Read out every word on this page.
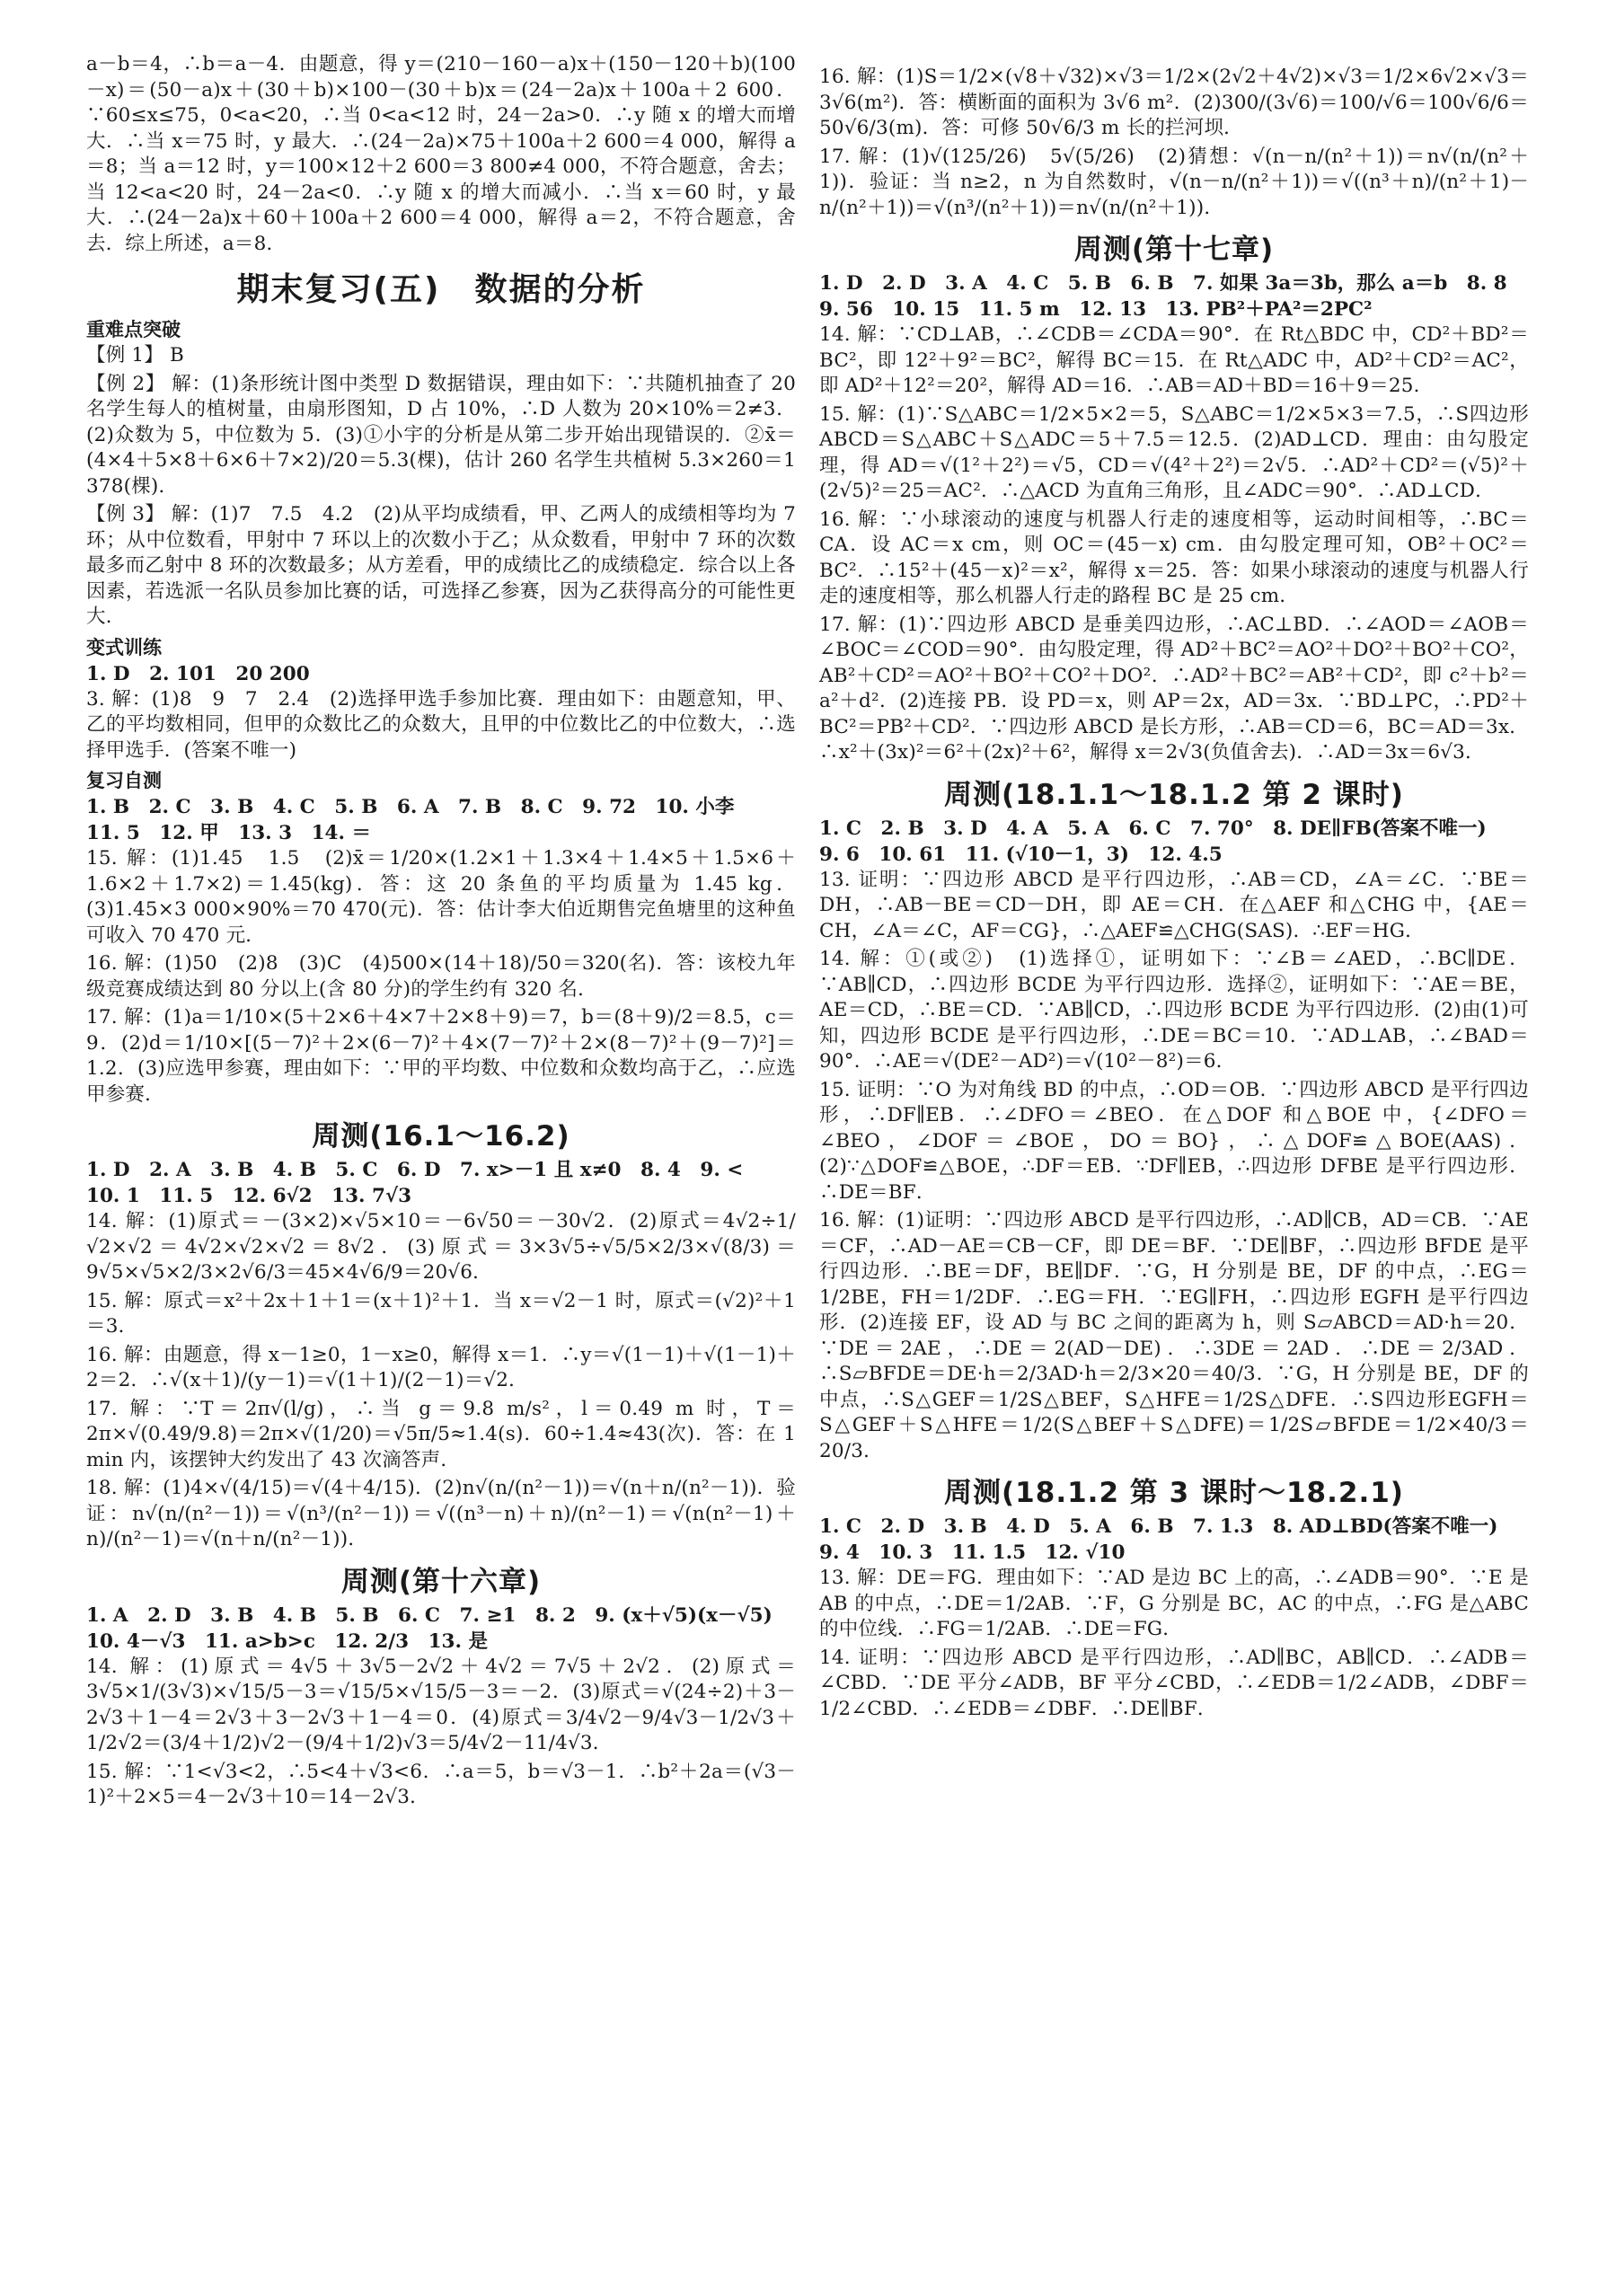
a－b＝4，∴b＝a－4．由题意，得 y＝(210－160－a)x＋(150－120＋b)(100－x)＝(50－a)x＋(30＋b)×100－(30＋b)x＝(24－2a)x＋100a＋2 600．∵60≤x≤75，0<a<20，∴当 0<a<12 时，24－2a>0．∴y 随 x 的增大而增大．∴当 x＝75 时，y 最大．∴(24－2a)×75＋100a＋2 600＝4 000，解得 a＝8；当 a＝12 时，y＝100×12＋2 600＝3 800≠4 000，不符合题意，舍去；当 12<a<20 时，24－2a<0．∴y 随 x 的增大而减小．∴当 x＝60 时，y 最大．∴(24－2a)x＋60＋100a＋2 600＝4 000，解得 a＝2，不符合题意，舍去．综上所述，a＝8．

期末复习(五)　数据的分析
重难点突破

【例 1】 B

【例 2】 解：(1)条形统计图中类型 D 数据错误，理由如下：∵共随机抽查了 20 名学生每人的植树量，由扇形图知，D 占 10%，∴D 人数为 20×10%＝2≠3．(2)众数为 5，中位数为 5．(3)①小宇的分析是从第二步开始出现错误的．②x̄＝(4×4＋5×8＋6×6＋7×2)/20＝5.3(棵)，估计 260 名学生共植树 5.3×260＝1 378(棵)．

【例 3】 解：(1)7　7.5　4.2　(2)从平均成绩看，甲、乙两人的成绩相等均为 7 环；从中位数看，甲射中 7 环以上的次数小于乙；从众数看，甲射中 7 环的次数最多而乙射中 8 环的次数最多；从方差看，甲的成绩比乙的成绩稳定．综合以上各因素，若选派一名队员参加比赛的话，可选择乙参赛，因为乙获得高分的可能性更大．

变式训练

1. D　2. 101　20 200

3. 解：(1)8　9　7　2.4　(2)选择甲选手参加比赛．理由如下：由题意知，甲、乙的平均数相同，但甲的众数比乙的众数大，且甲的中位数比乙的中位数大，∴选择甲选手．(答案不唯一)

复习自测

1. B　2. C　3. B　4. C　5. B　6. A　7. B　8. C　9. 72　10. 小李

11. 5　12. 甲　13. 3　14. ＝

15. 解：(1)1.45　1.5　(2)x̄＝1/20×(1.2×1＋1.3×4＋1.4×5＋1.5×6＋1.6×2＋1.7×2)＝1.45(kg)．答：这 20 条鱼的平均质量为 1.45 kg．(3)1.45×3 000×90%＝70 470(元)．答：估计李大伯近期售完鱼塘里的这种鱼可收入 70 470 元．

16. 解：(1)50　(2)8　(3)C　(4)500×(14＋18)/50＝320(名)．答：该校九年级竞赛成绩达到 80 分以上(含 80 分)的学生约有 320 名．

17. 解：(1)a＝1/10×(5＋2×6＋4×7＋2×8＋9)＝7，b＝(8＋9)/2＝8.5，c＝9．(2)d＝1/10×[(5－7)²＋2×(6－7)²＋4×(7－7)²＋2×(8－7)²＋(9－7)²]＝1.2．(3)应选甲参赛，理由如下：∵甲的平均数、中位数和众数均高于乙，∴应选甲参赛．

周测(16.1～16.2)

1. D　2. A　3. B　4. B　5. C　6. D　7. x>－1 且 x≠0　8. 4　9. <

10. 1　11. 5　12. 6√2　13. 7√3

14. 解：(1)原式＝－(3×2)×√5×10＝－6√50＝－30√2．(2)原式＝4√2÷1/√2×√2＝4√2×√2×√2＝8√2．(3)原式＝3×3√5÷√5/5×2/3×√(8/3)＝9√5×√5×2/3×2√6/3＝45×4√6/9＝20√6．

15. 解：原式＝x²＋2x＋1＋1＝(x＋1)²＋1．当 x＝√2－1 时，原式＝(√2)²＋1＝3．

16. 解：由题意，得 x－1≥0，1－x≥0，解得 x＝1．∴y＝√(1－1)＋√(1－1)＋2＝2．∴√(x＋1)/(y－1)＝√(1＋1)/(2－1)＝√2．

17. 解：∵T＝2π√(l/g)，∴当 g＝9.8 m/s²，l＝0.49 m 时，T＝2π×√(0.49/9.8)＝2π×√(1/20)＝√5π/5≈1.4(s)．60÷1.4≈43(次)．答：在 1 min 内，该摆钟大约发出了 43 次滴答声．

18. 解：(1)4×√(4/15)＝√(4＋4/15)．(2)n√(n/(n²－1))＝√(n＋n/(n²－1))．验证：n√(n/(n²－1))＝√(n³/(n²－1))＝√((n³－n)＋n)/(n²－1)＝√(n(n²－1)＋n)/(n²－1)＝√(n＋n/(n²－1))．

周测(第十六章)

1. A　2. D　3. B　4. B　5. B　6. C　7. ≥1　8. 2　9. (x＋√5)(x－√5)

10. 4－√3　11. a>b>c　12. 2/3　13. 是

14. 解：(1)原式＝4√5＋3√5－2√2＋4√2＝7√5＋2√2．(2)原式＝3√5×1/(3√3)×√15/5－3＝√15/5×√15/5－3＝－2．(3)原式＝√(24÷2)＋3－2√3＋1－4＝2√3＋3－2√3＋1－4＝0．(4)原式＝3/4√2－9/4√3－1/2√3＋1/2√2＝(3/4＋1/2)√2－(9/4＋1/2)√3＝5/4√2－11/4√3．

15. 解：∵1<√3<2，∴5<4＋√3<6．∴a＝5，b＝√3－1．∴b²＋2a＝(√3－1)²＋2×5＝4－2√3＋10＝14－2√3．

16. 解：(1)S＝1/2×(√8＋√32)×√3＝1/2×(2√2＋4√2)×√3＝1/2×6√2×√3＝3√6(m²)．答：横断面的面积为 3√6 m²．(2)300/(3√6)＝100/√6＝100√6/6＝50√6/3(m)．答：可修 50√6/3 m 长的拦河坝．

17. 解：(1)√(125/26)　5√(5/26)　(2)猜想：√(n－n/(n²＋1))＝n√(n/(n²＋1))．验证：当 n≥2，n 为自然数时，√(n－n/(n²＋1))＝√((n³＋n)/(n²＋1)－n/(n²＋1))＝√(n³/(n²＋1))＝n√(n/(n²＋1))．

周测(第十七章)

1. D　2. D　3. A　4. C　5. B　6. B　7. 如果 3a＝3b，那么 a＝b　8. 8

9. 56　10. 15　11. 5 m　12. 13　13. PB²＋PA²＝2PC²

14. 解：∵CD⊥AB，∴∠CDB＝∠CDA＝90°．在 Rt△BDC 中，CD²＋BD²＝BC²，即 12²＋9²＝BC²，解得 BC＝15．在 Rt△ADC 中，AD²＋CD²＝AC²，即 AD²＋12²＝20²，解得 AD＝16．∴AB＝AD＋BD＝16＋9＝25．

15. 解：(1)∵S△ABC＝1/2×5×2＝5，S△ABC＝1/2×5×3＝7.5，∴S四边形ABCD＝S△ABC＋S△ADC＝5＋7.5＝12.5．(2)AD⊥CD．理由：由勾股定理，得 AD＝√(1²＋2²)＝√5，CD＝√(4²＋2²)＝2√5．∴AD²＋CD²＝(√5)²＋(2√5)²＝25＝AC²．∴△ACD 为直角三角形，且∠ADC＝90°．∴AD⊥CD．

16. 解：∵小球滚动的速度与机器人行走的速度相等，运动时间相等，∴BC＝CA．设 AC＝x cm，则 OC＝(45－x) cm．由勾股定理可知，OB²＋OC²＝BC²．∴15²＋(45－x)²＝x²，解得 x＝25．答：如果小球滚动的速度与机器人行走的速度相等，那么机器人行走的路程 BC 是 25 cm．

17. 解：(1)∵四边形 ABCD 是垂美四边形，∴AC⊥BD．∴∠AOD＝∠AOB＝∠BOC＝∠COD＝90°．由勾股定理，得 AD²＋BC²＝AO²＋DO²＋BO²＋CO²，AB²＋CD²＝AO²＋BO²＋CO²＋DO²．∴AD²＋BC²＝AB²＋CD²，即 c²＋b²＝a²＋d²．(2)连接 PB．设 PD＝x，则 AP＝2x，AD＝3x．∵BD⊥PC，∴PD²＋BC²＝PB²＋CD²．∵四边形 ABCD 是长方形，∴AB＝CD＝6，BC＝AD＝3x．∴x²＋(3x)²＝6²＋(2x)²＋6²，解得 x＝2√3(负值舍去)．∴AD＝3x＝6√3．

周测(18.1.1～18.1.2 第 2 课时)

1. C　2. B　3. D　4. A　5. A　6. C　7. 70°　8. DE∥FB(答案不唯一)

9. 6　10. 61　11. (√10－1，3)　12. 4.5

13. 证明：∵四边形 ABCD 是平行四边形，∴AB＝CD，∠A＝∠C．∵BE＝DH，∴AB－BE＝CD－DH，即 AE＝CH．在△AEF 和△CHG 中，{AE＝CH，∠A＝∠C，AF＝CG}，∴△AEF≌△CHG(SAS)．∴EF＝HG．

14. 解：①(或②)　(1)选择①，证明如下：∵∠B＝∠AED，∴BC∥DE．∵AB∥CD，∴四边形 BCDE 为平行四边形．选择②，证明如下：∵AE＝BE，AE＝CD，∴BE＝CD．∵AB∥CD，∴四边形 BCDE 为平行四边形．(2)由(1)可知，四边形 BCDE 是平行四边形，∴DE＝BC＝10．∵AD⊥AB，∴∠BAD＝90°．∴AE＝√(DE²－AD²)＝√(10²－8²)＝6．

15. 证明：∵O 为对角线 BD 的中点，∴OD＝OB．∵四边形 ABCD 是平行四边形，∴DF∥EB．∴∠DFO＝∠BEO．在△DOF 和△BOE 中，{∠DFO＝∠BEO，∠DOF＝∠BOE，DO＝BO}，∴△DOF≌△BOE(AAS)．(2)∵△DOF≌△BOE，∴DF＝EB．∵DF∥EB，∴四边形 DFBE 是平行四边形．∴DE＝BF．

16. 解：(1)证明：∵四边形 ABCD 是平行四边形，∴AD∥CB，AD＝CB．∵AE＝CF，∴AD－AE＝CB－CF，即 DE＝BF．∵DE∥BF，∴四边形 BFDE 是平行四边形．∴BE＝DF，BE∥DF．∵G，H 分别是 BE，DF 的中点，∴EG＝1/2BE，FH＝1/2DF．∴EG＝FH．∵EG∥FH，∴四边形 EGFH 是平行四边形．(2)连接 EF，设 AD 与 BC 之间的距离为 h，则 S▱ABCD＝AD·h＝20．∵DE＝2AE，∴DE＝2(AD－DE)．∴3DE＝2AD．∴DE＝2/3AD．∴S▱BFDE＝DE·h＝2/3AD·h＝2/3×20＝40/3．∵G，H 分别是 BE，DF 的中点，∴S△GEF＝1/2S△BEF，S△HFE＝1/2S△DFE．∴S四边形EGFH＝S△GEF＋S△HFE＝1/2(S△BEF＋S△DFE)＝1/2S▱BFDE＝1/2×40/3＝20/3．

周测(18.1.2 第 3 课时～18.2.1)

1. C　2. D　3. B　4. D　5. A　6. B　7. 1.3　8. AD⊥BD(答案不唯一)

9. 4　10. 3　11. 1.5　12. √10

13. 解：DE＝FG．理由如下：∵AD 是边 BC 上的高，∴∠ADB＝90°．∵E 是 AB 的中点，∴DE＝1/2AB．∵F，G 分别是 BC，AC 的中点，∴FG 是△ABC 的中位线．∴FG＝1/2AB．∴DE＝FG．

14. 证明：∵四边形 ABCD 是平行四边形，∴AD∥BC，AB∥CD．∴∠ADB＝∠CBD．∵DE 平分∠ADB，BF 平分∠CBD，∴∠EDB＝1/2∠ADB，∠DBF＝1/2∠CBD．∴∠EDB＝∠DBF．∴DE∥BF．
